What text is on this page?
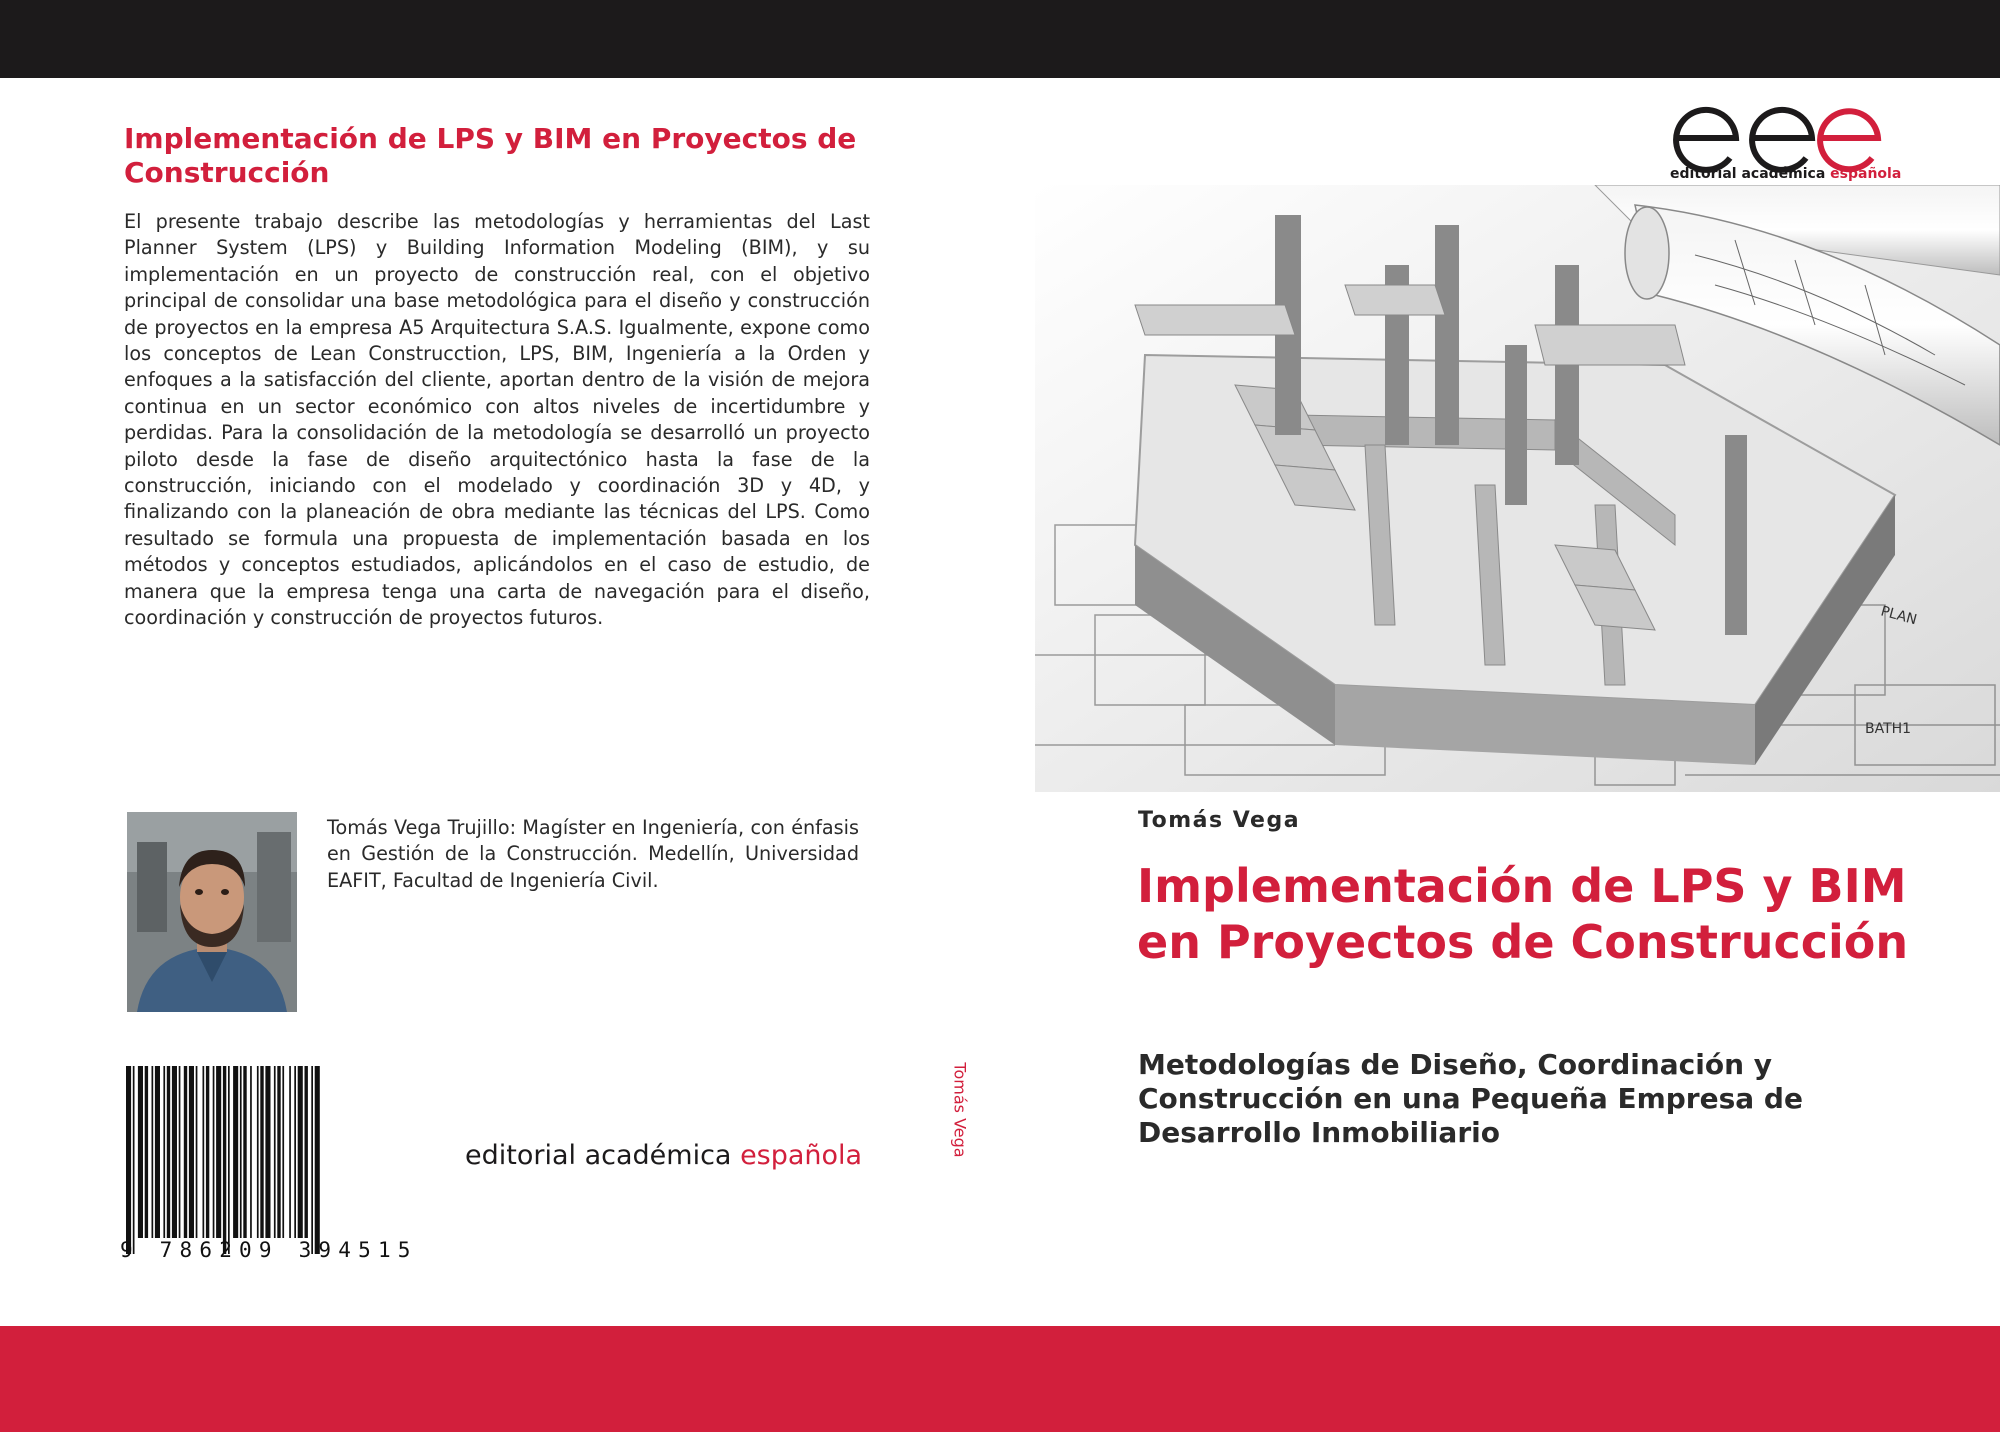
Implementación de LPS y BIM en Proyectos de Construcción

El presente trabajo describe las metodologías y herramientas del Last Planner System (LPS) y Building Information Modeling (BIM), y su implementación en un proyecto de construcción real, con el objetivo principal de consolidar una base metodológica para el diseño y construcción de proyectos en la empresa A5 Arquitectura S.A.S. Igualmente, expone como los conceptos de Lean Construcction, LPS, BIM, Ingeniería a la Orden y enfoques a la satisfacción del cliente, aportan dentro de la visión de mejora continua en un sector económico con altos niveles de incertidumbre y perdidas. Para la consolidación de la metodología se desarrolló un proyecto piloto desde la fase de diseño arquitectónico hasta la fase de la construcción, iniciando con el modelado y coordinación 3D y 4D, y finalizando con la planeación de obra mediante las técnicas del LPS. Como resultado se formula una propuesta de implementación basada en los métodos y conceptos estudiados, aplicándolos en el caso de estudio, de manera que la empresa tenga una carta de navegación para el diseño, coordinación y construcción de proyectos futuros.

Tomás Vega Trujillo: Magíster en Ingeniería, con énfasis en Gestión de la Construcción. Medellín, Universidad EAFIT, Facultad de Ingeniería Civil.

9 786209 394515
editorial académica española	Tomás Vega
editorial académica española
PLAN
BATH1
Tomás Vega
Implementación de LPS y BIM en Proyectos de Construcción
Metodologías de Diseño, Coordinación y Construcción en una Pequeña Empresa de Desarrollo Inmobiliario
